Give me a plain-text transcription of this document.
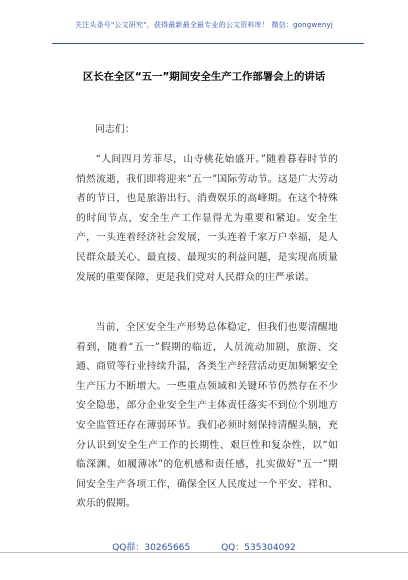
关注头条号"公文研究"，获得最新最全最专业的公文资料库！ 微信：gongwenyj
区长在全区“五一”期间安全生产工作部署会上的讲话
同志们：
“人间四月芳菲尽，山寺桃花始盛开。”随着暮春时节的悄然流逝，我们即将迎来“五一”国际劳动节。这是广大劳动者的节日，也是旅游出行、消费娱乐的高峰期。在这个特殊的时间节点，安全生产工作显得尤为重要和紧迫。安全生产，一头连着经济社会发展，一头连着千家万户幸福，是人民群众最关心、最直接、最现实的利益问题，是实现高质量发展的重要保障，更是我们党对人民群众的庄严承诺。
当前，全区安全生产形势总体稳定，但我们也要清醒地看到，随着“五一”假期的临近，人员流动加剧，旅游、交通、商贸等行业持续升温，各类生产经营活动更加频繁安全生产压力不断增大。一些重点领域和关键环节仍然存在不少安全隐患，部分企业安全生产主体责任落实不到位个别地方安全监管还存在薄弱环节。我们必须时刻保持清醒头脑，充分认识到安全生产工作的长期性、艰巨性和复杂性，以“如临深渊、如履薄冰”的危机感和责任感，扎实做好“五一”期间安全生产各项工作，确保全区人民度过一个平安、祥和、欢乐的假期。
QQ群：30265665	QQ：535304092
